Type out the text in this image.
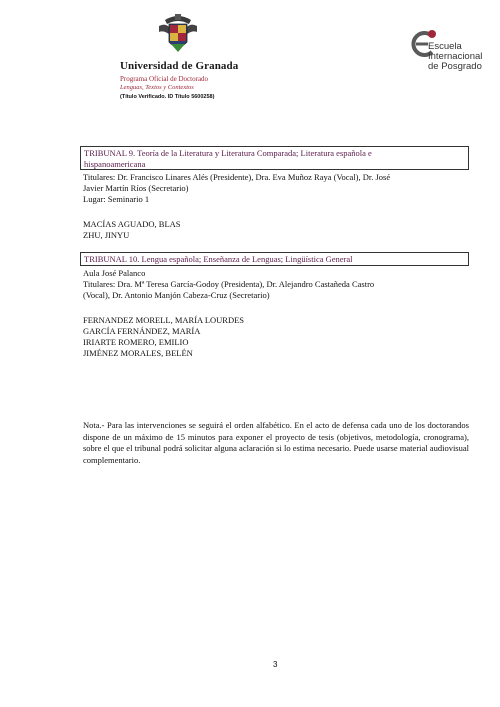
Universidad de Granada
Programa Oficial de Doctorado
Lenguas, Textos y Contextos
(Título Verificado. ID Título 5600258)
Escuela
Internacional
de Posgrado
TRIBUNAL 9. Teoría de la Literatura y Literatura Comparada; Literatura española e
hispanoamericana
Titulares: Dr. Francisco Linares Alés (Presidente), Dra. Eva Muñoz Raya (Vocal), Dr. José
Javier Martín Ríos (Secretario)
Lugar: Seminario 1
MACÍAS AGUADO, BLAS
ZHU, JINYU
TRIBUNAL 10. Lengua española; Enseñanza de Lenguas; Lingüística General
Aula José Palanco
Titulares: Dra. Mª Teresa García-Godoy (Presidenta), Dr. Alejandro Castañeda Castro
(Vocal), Dr. Antonio Manjón Cabeza-Cruz (Secretario)
FERNANDEZ MORELL, MARÍA LOURDES
GARCÍA FERNÁNDEZ, MARÍA
IRIARTE ROMERO, EMILIO
JIMÉNEZ MORALES, BELÉN
Nota.- Para las intervenciones se seguirá el orden alfabético. En el acto de defensa cada uno de los doctorandos dispone de un máximo de 15 minutos para exponer el proyecto de tesis (objetivos, metodología, cronograma), sobre el que el tribunal podrá solicitar alguna aclaración si lo estima necesario. Puede usarse material audiovisual complementario.
3
